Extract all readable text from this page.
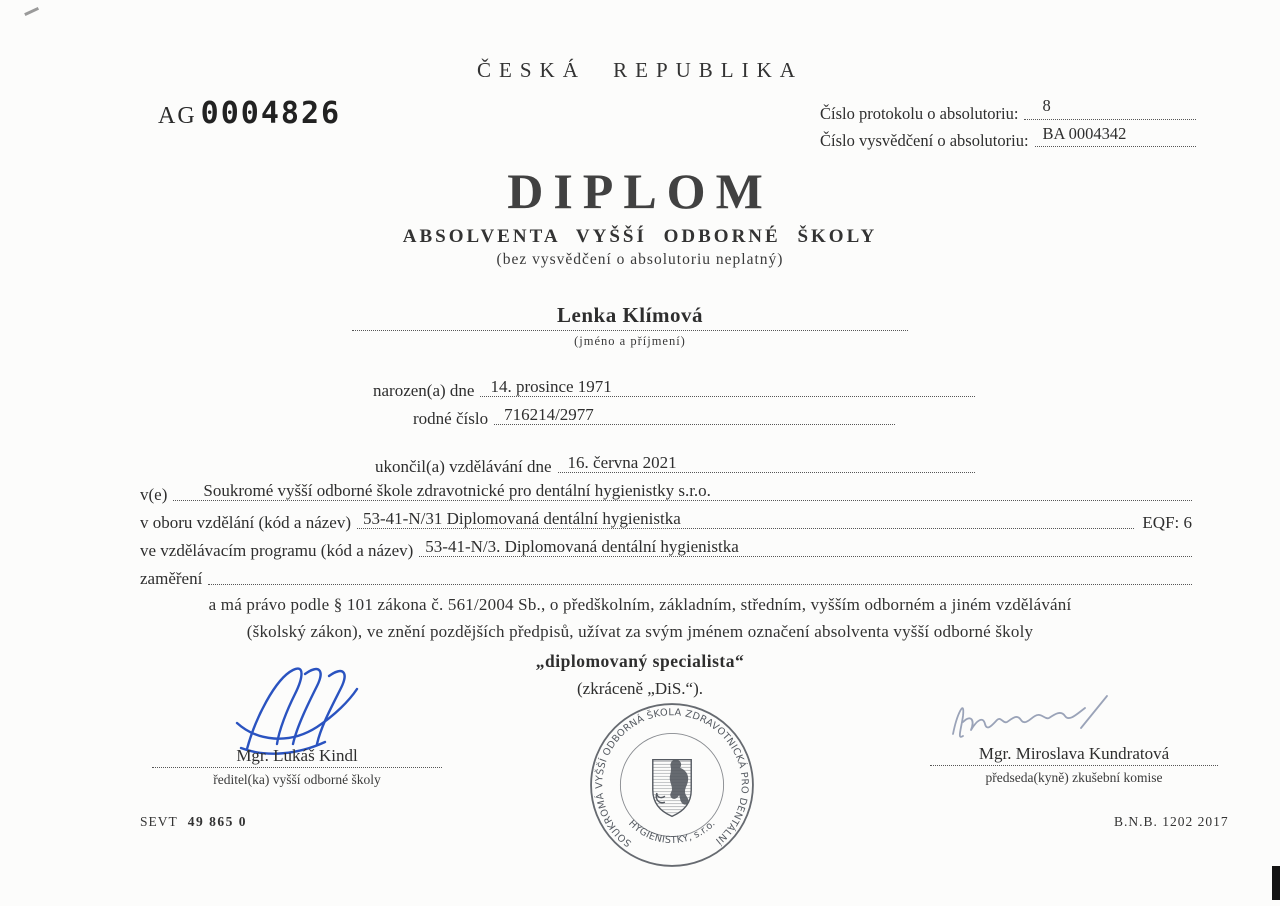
ČESKÁ REPUBLIKA
AG 0004826	Číslo protokolu o absolutoriu:	8
Číslo vysvědčení o absolutoriu: BA 0004342
DIPLOM
ABSOLVENTA VYŠŠÍ ODBORNÉ ŠKOLY
(bez vysvědčení o absolutoriu neplatný)
Lenka Klímová
(jméno a příjmení)
narozen(a) dne 14. prosince 1971
rodné číslo 716214/2977
ukončil(a) vzdělávání dne 16. června 2021
v(e)	Soukromé vyšší odborné škole zdravotnické pro dentální hygienistky s.r.o.
v oboru vzdělání (kód a název) 53-41-N/31 Diplomovaná dentální hygienistka	EQF: 6
ve vzdělávacím programu (kód a název) 53-41-N/3. Diplomovaná dentální hygienistka
zaměření
a má právo podle § 101 zákona č. 561/2004 Sb., o předškolním, základním, středním, vyšším odborném a jiném vzdělávání
(školský zákon), ve znění pozdějších předpisů, užívat za svým jménem označení absolventa vyšší odborné školy
„diplomovaný specialista“
(zkráceně „DiS.“).
Mgr. Lukáš Kindl
ředitel(ka) vyšší odborné školy
SOUKROMÁ VYŠŠÍ ODBORNÁ ŠKOLA ZDRAVOTNICKÁ PRO DENTÁLNÍ
HYGIENISTKY, s.r.o.
Mgr. Miroslava Kundratová
předseda(kyně) zkušební komise
SEVT 49 865 0	B.N.B. 1202 2017
